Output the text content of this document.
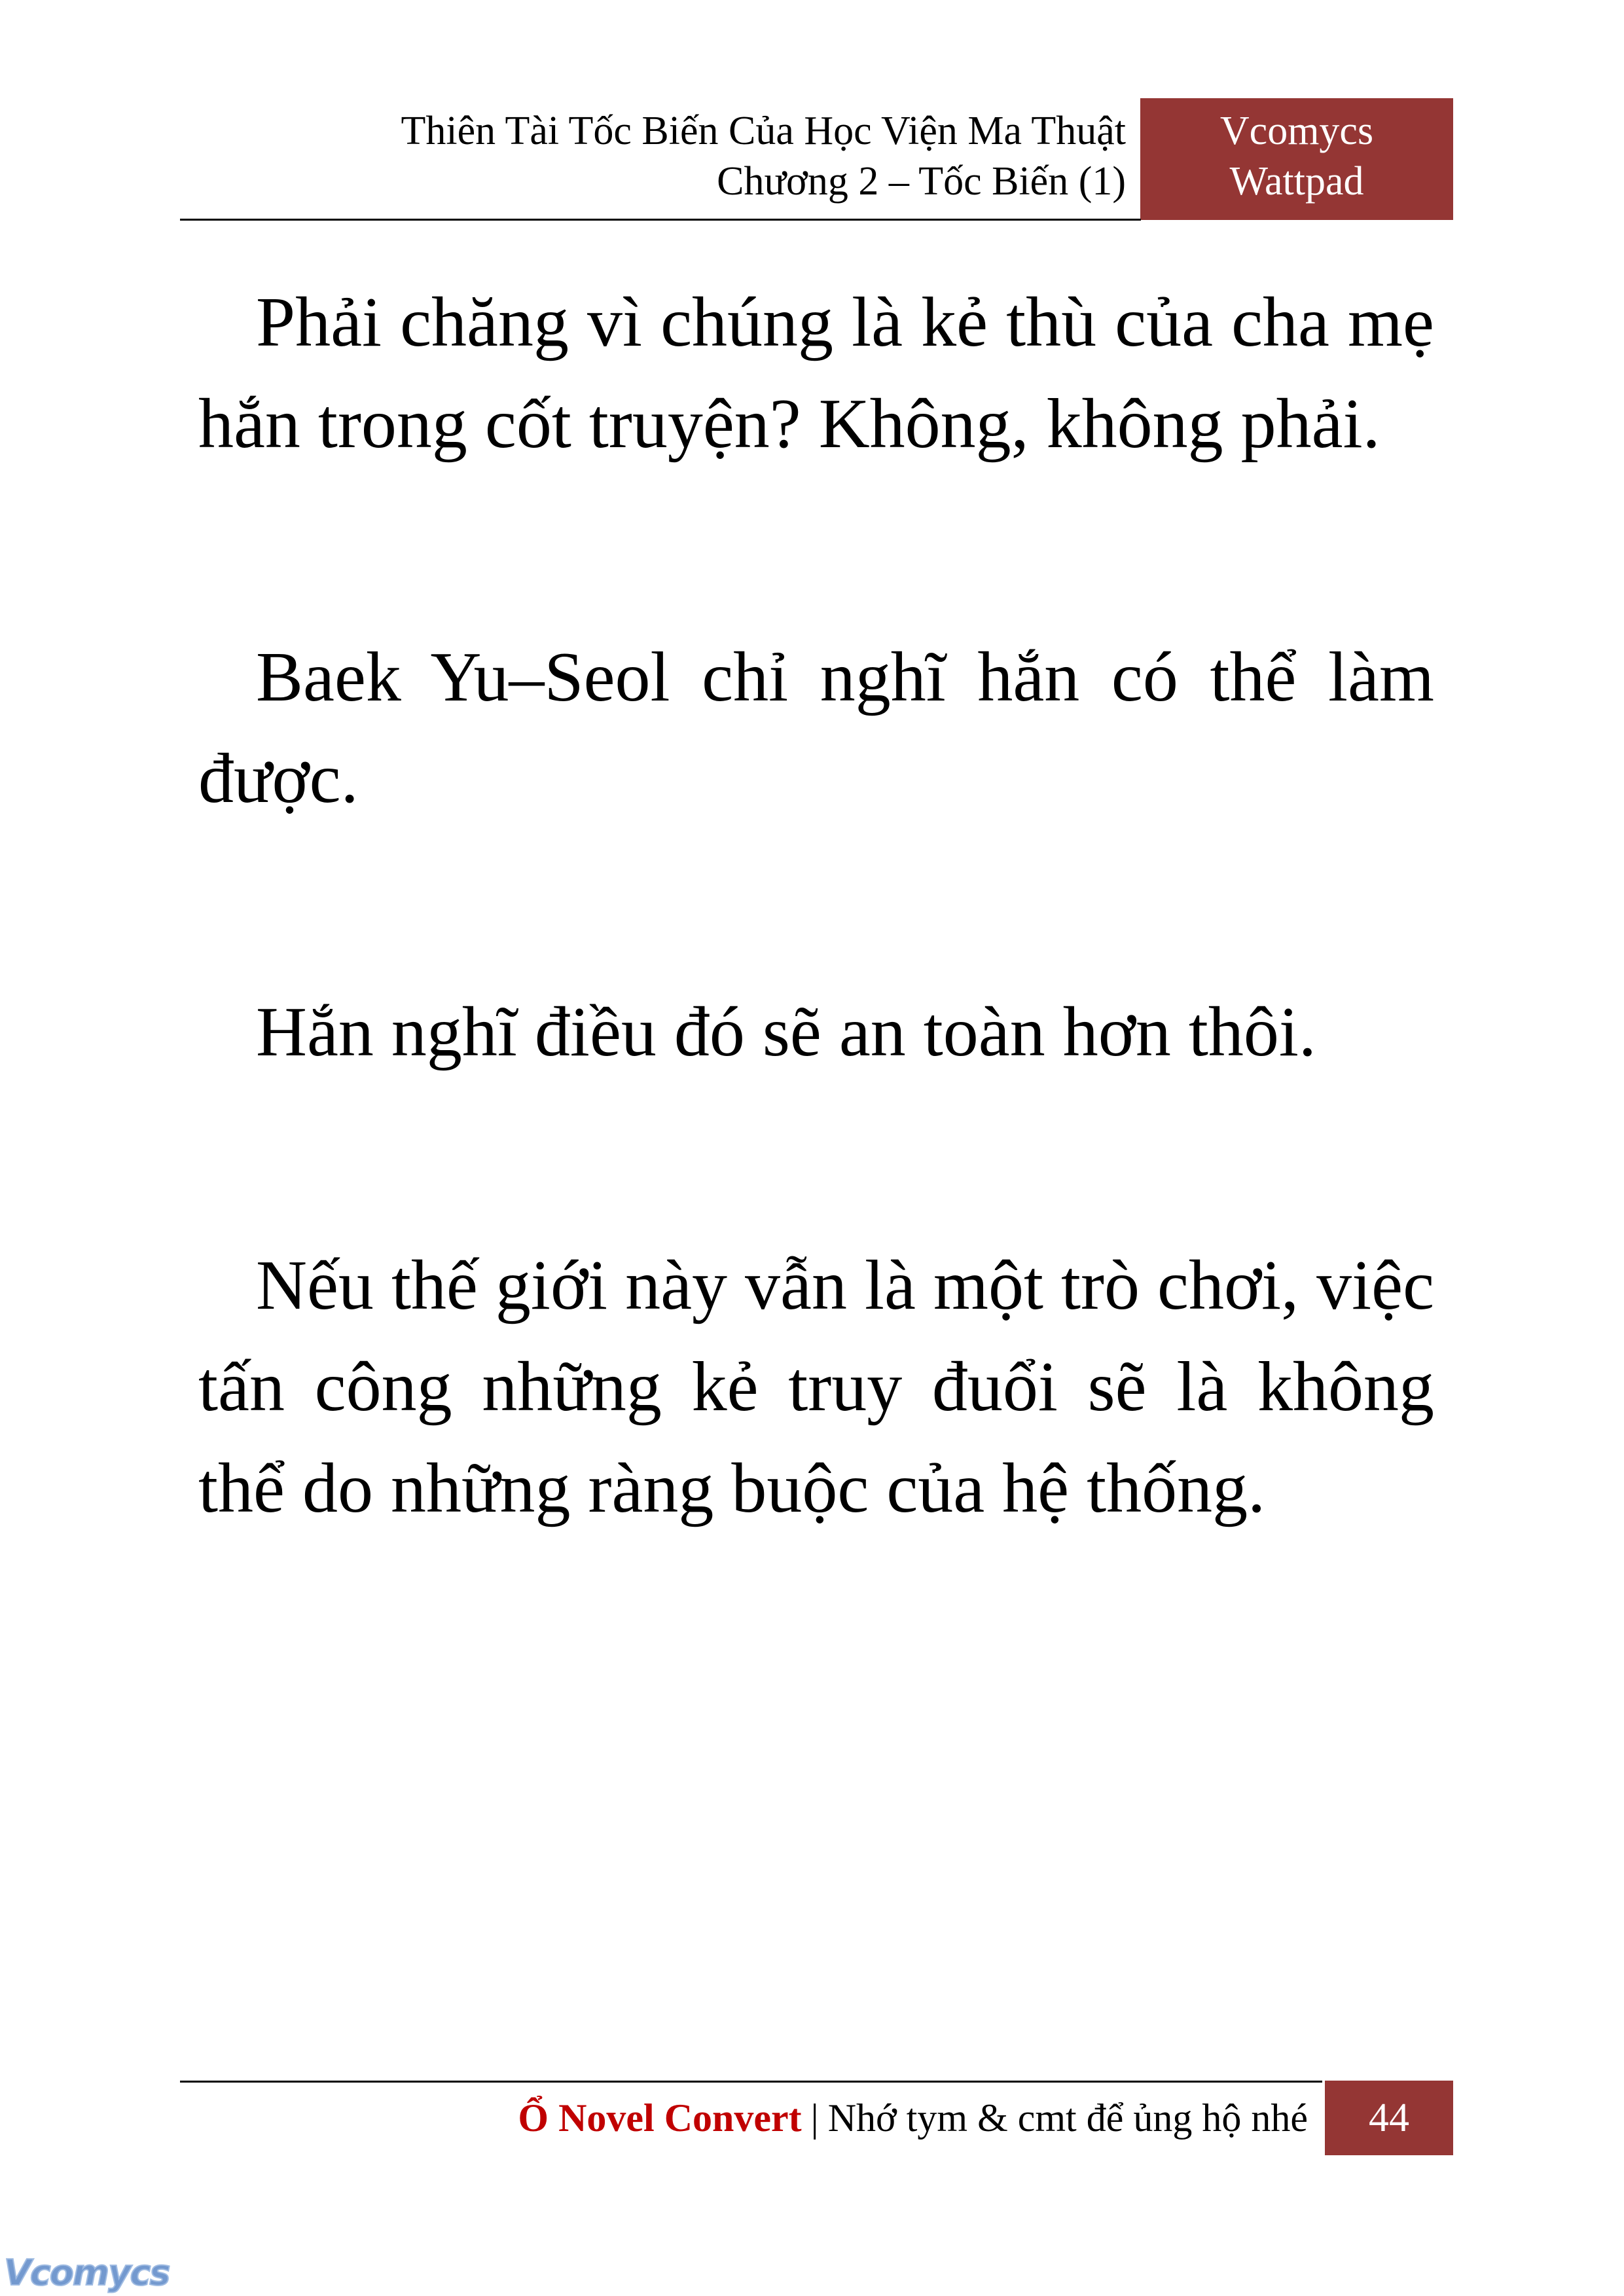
Thiên Tài Tốc Biến Của Học Viện Ma Thuật
Chương 2 – Tốc Biến (1)
Vcomycs
Wattpad

Phải chăng vì chúng là kẻ thù của cha mẹ hắn trong cốt truyện? Không, không phải.

Baek Yu–Seol chỉ nghĩ hắn có thể làm được.

Hắn nghĩ điều đó sẽ an toàn hơn thôi.

Nếu thế giới này vẫn là một trò chơi, việc tấn công những kẻ truy đuổi sẽ là không thể do những ràng buộc của hệ thống.

Ổ Novel Convert | Nhớ tym & cmt để ủng hộ nhé	44
Vcomycs
